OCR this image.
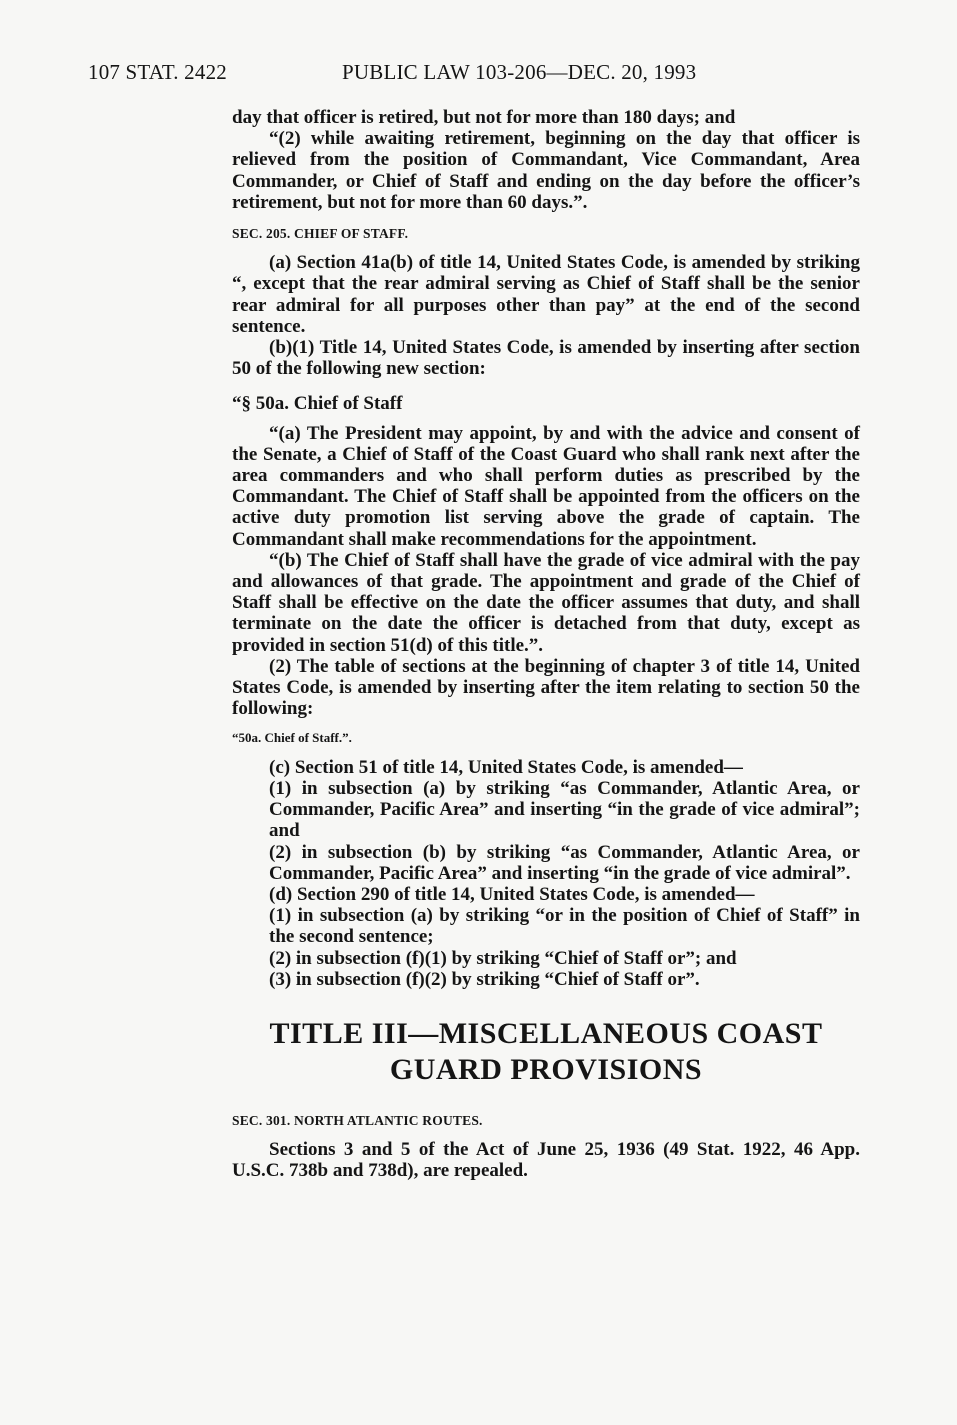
107 STAT. 2422	PUBLIC LAW 103-206—DEC. 20, 1993

day that officer is retired, but not for more than 180 days; and

“(2) while awaiting retirement, beginning on the day that officer is relieved from the position of Commandant, Vice Commandant, Area Commander, or Chief of Staff and ending on the day before the officer’s retirement, but not for more than 60 days.”.

SEC. 205. CHIEF OF STAFF.

(a) Section 41a(b) of title 14, United States Code, is amended by striking “, except that the rear admiral serving as Chief of Staff shall be the senior rear admiral for all purposes other than pay” at the end of the second sentence.

(b)(1) Title 14, United States Code, is amended by inserting after section 50 of the following new section:

“§ 50a. Chief of Staff

“(a) The President may appoint, by and with the advice and consent of the Senate, a Chief of Staff of the Coast Guard who shall rank next after the area commanders and who shall perform duties as prescribed by the Commandant. The Chief of Staff shall be appointed from the officers on the active duty promotion list serving above the grade of captain. The Commandant shall make recommendations for the appointment.

“(b) The Chief of Staff shall have the grade of vice admiral with the pay and allowances of that grade. The appointment and grade of the Chief of Staff shall be effective on the date the officer assumes that duty, and shall terminate on the date the officer is detached from that duty, except as provided in section 51(d) of this title.”.

(2) The table of sections at the beginning of chapter 3 of title 14, United States Code, is amended by inserting after the item relating to section 50 the following:

“50a. Chief of Staff.”.

(c) Section 51 of title 14, United States Code, is amended—

(1) in subsection (a) by striking “as Commander, Atlantic Area, or Commander, Pacific Area” and inserting “in the grade of vice admiral”; and

(2) in subsection (b) by striking “as Commander, Atlantic Area, or Commander, Pacific Area” and inserting “in the grade of vice admiral”.

(d) Section 290 of title 14, United States Code, is amended—

(1) in subsection (a) by striking “or in the position of Chief of Staff” in the second sentence;

(2) in subsection (f)(1) by striking “Chief of Staff or”; and

(3) in subsection (f)(2) by striking “Chief of Staff or”.

TITLE III—MISCELLANEOUS COAST
GUARD PROVISIONS
SEC. 301. NORTH ATLANTIC ROUTES.

Sections 3 and 5 of the Act of June 25, 1936 (49 Stat. 1922, 46 App. U.S.C. 738b and 738d), are repealed.
